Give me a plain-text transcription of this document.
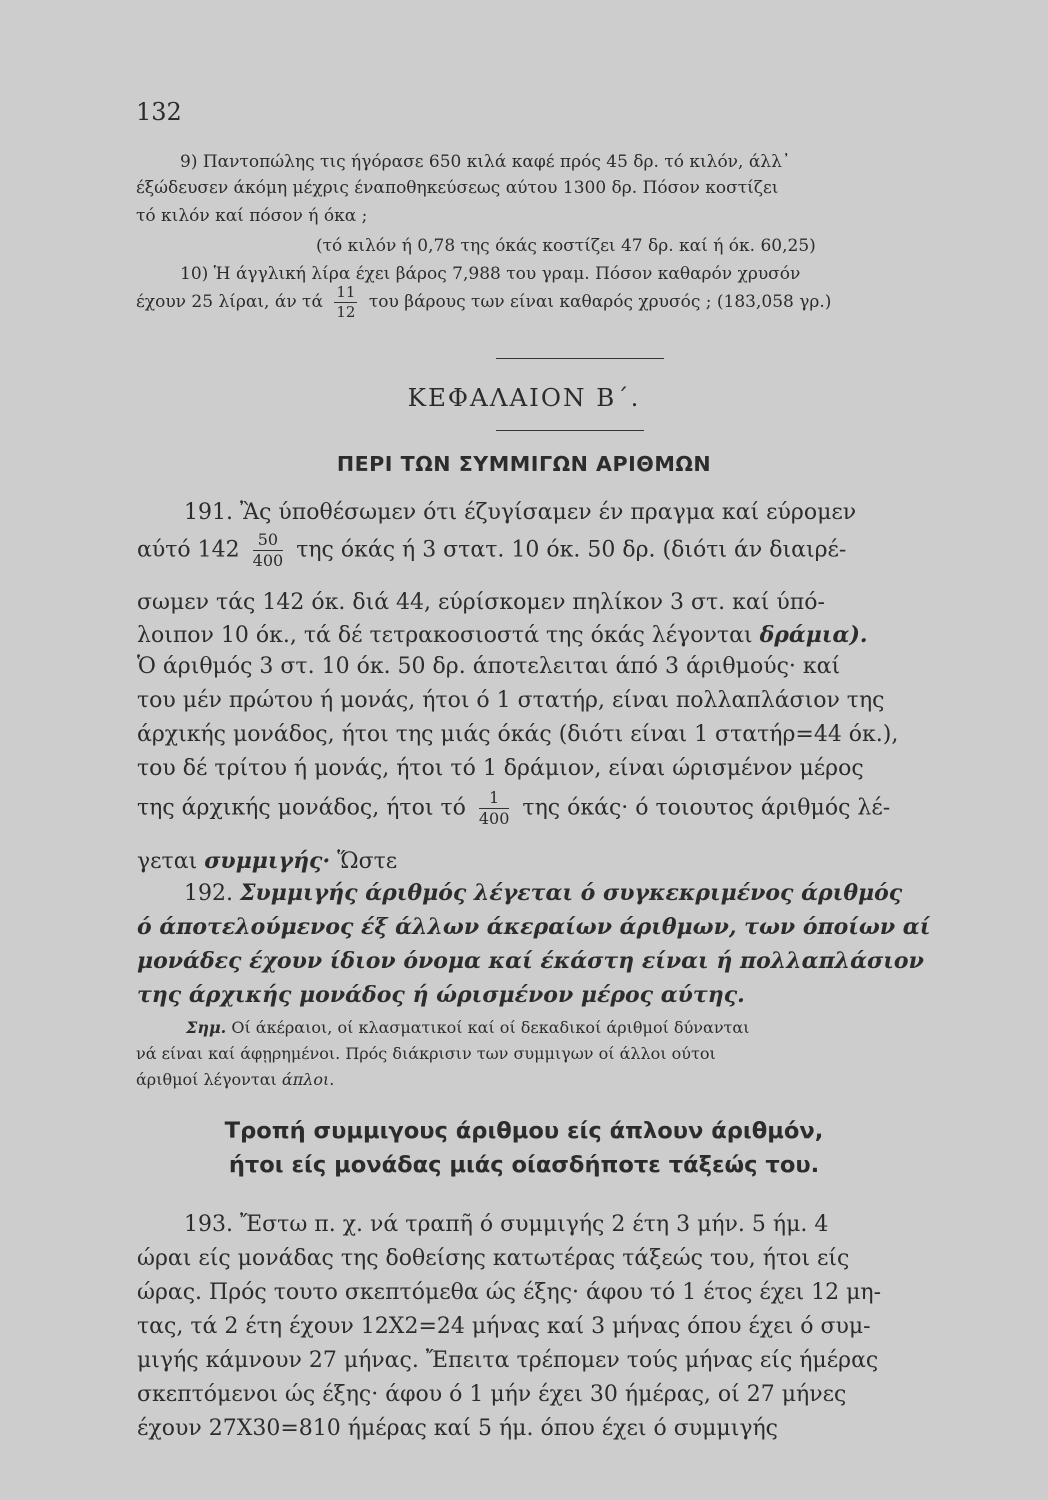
132
9) Παντοπώλης τις ήγόρασε 650 κιλά καφέ πρός 45 δρ. τό κιλόν, άλλ᾽
έξώδευσεν άκόμη μέχρις έναποθηκεύσεως αύτου 1300 δρ. Πόσον κοστίζει
τό κιλόν καί πόσον ή όκα ;
(τό κιλόν ή 0,78 της όκάς κοστίζει 47 δρ. καί ή όκ. 60,25)
10) Ἡ άγγλική λίρα έχει βάρος 7,988 του γραμ. Πόσον καθαρόν χρυσόν
έχουν 25 λίραι, άν τά $\frac{11}{12}$ του βάρους των είναι καθαρός χρυσός ; (183,058 γρ.)
ΚΕΦΑΛΑΙΟΝ Β΄.
ΠΕΡΙ ΤΩΝ ΣΥΜΜΙΓΩΝ ΑΡΙΘΜΩΝ
191. Ἂς ύποθέσωμεν ότι έζυγίσαμεν έν πραγμα καί εύρομεν
αύτό $142 \frac{50}{400}$ της όκάς ή 3 στατ. 10 όκ. 50 δρ. (διότι άν διαιρέ-
σωμεν τάς 142 όκ. διά 44, εύρίσκομεν πηλίκον 3 στ. καί ύπό-
λοιπον 10 όκ., τά δέ τετρακοσιοστά της όκάς λέγονται δράμια).
Ὁ άριθμός 3 στ. 10 όκ. 50 δρ. άποτελειται άπό 3 άριθμούς· καί
του μέν πρώτου ή μονάς, ήτοι ό 1 στατήρ, είναι πολλαπλάσιον της
άρχικής μονάδος, ήτοι της μιάς όκάς (διότι είναι 1 στατήρ=44 όκ.),
του δέ τρίτου ή μονάς, ήτοι τό 1 δράμιον, είναι ώρισμένον μέρος
της άρχικής μονάδος, ήτοι τό $\frac{1}{400}$ της όκάς· ό τοιουτος άριθμός λέ-
γεται συμμιγής· Ὥστε
192. Συμμιγής άριθμός λέγεται ό συγκεκριμένος άριθμός
ό άποτελούμενος έξ άλλων άκεραίων άριθμων, των όποίων αί
μονάδες έχουν ίδιον όνομα καί έκάστη είναι ή πολλαπλάσιον
της άρχικής μονάδος ή ώρισμένον μέρος αύτης.
Σημ. Οί άκέραιοι, οί κλασματικοί καί οί δεκαδικοί άριθμοί δύνανται
νά είναι καί άφῃρημένοι. Πρός διάκρισιν των συμμιγων οί άλλοι ούτοι
άριθμοί λέγονται άπλοι.
Τροπή συμμιγους άριθμου είς άπλουν άριθμόν,
ήτοι είς μονάδας μιάς οίασδήποτε τάξεώς του.
193. Ἔστω π. χ. νά τραπῆ ό συμμιγής 2 έτη 3 μήν. 5 ήμ. 4
ώραι είς μονάδας της δοθείσης κατωτέρας τάξεώς του, ήτοι είς
ώρας. Πρός τουτο σκεπτόμεθα ώς έξης· άφου τό 1 έτος έχει 12 μη-
τας, τά 2 έτη έχουν 12Χ2=24 μήνας καί 3 μήνας όπου έχει ό συμ-
μιγής κάμνουν 27 μήνας. Ἔπειτα τρέπομεν τούς μήνας είς ήμέρας
σκεπτόμενοι ώς έξης· άφου ό 1 μήν έχει 30 ήμέρας, οί 27 μήνες
έχουν 27Χ30=810 ήμέρας καί 5 ήμ. όπου έχει ό συμμιγής
